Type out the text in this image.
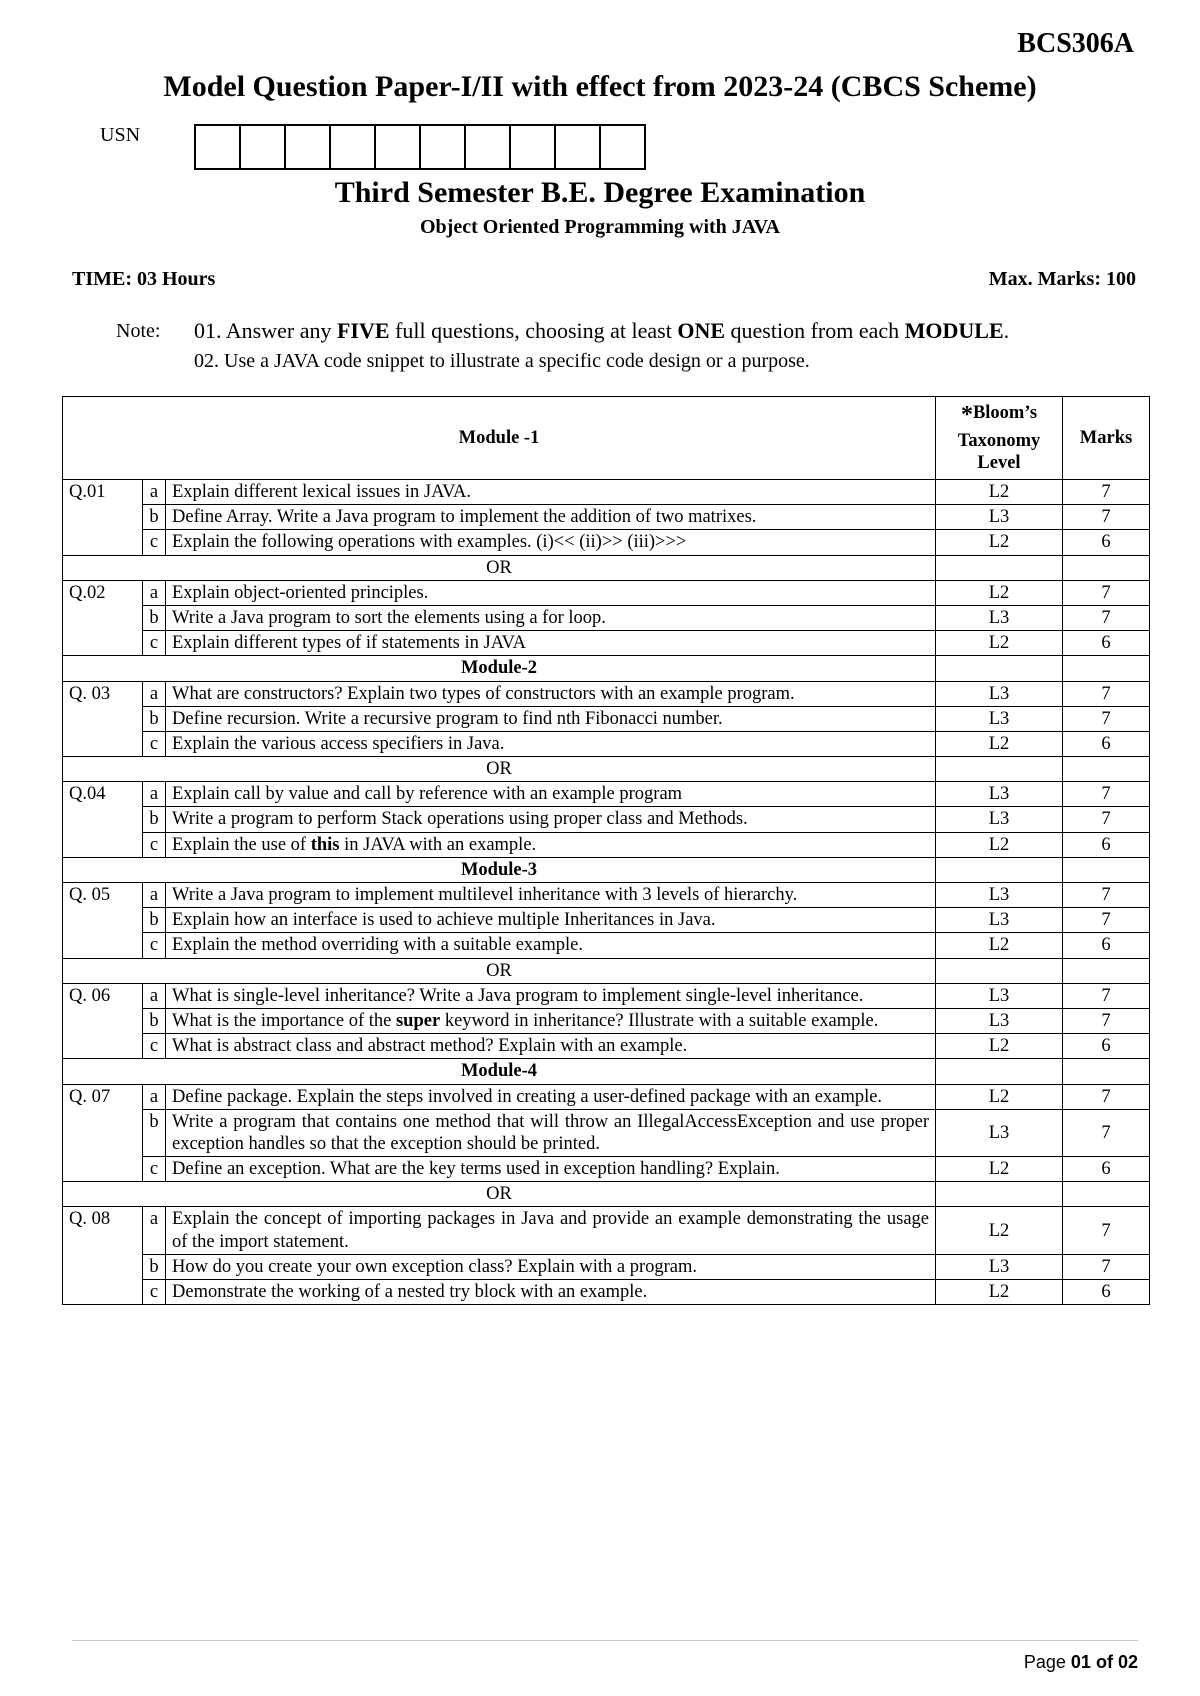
BCS306A
Model Question Paper-I/II with effect from 2023-24 (CBCS Scheme)
USN
Third Semester B.E. Degree Examination
Object Oriented Programming with JAVA
TIME: 03 Hours	Max. Marks: 100
Note: 01. Answer any FIVE full questions, choosing at least ONE question from each MODULE.
02. Use a JAVA code snippet to illustrate a specific code design or a purpose.
Module -1			*Bloom’s
Taxonomy
Level	Marks
Q.01	a	Explain different lexical issues in JAVA.	L2	7
	b	Define Array. Write a Java program to implement the addition of two matrixes.	L3	7
	c	Explain the following operations with examples. (i)<< (ii)>> (iii)>>>	L2	6
OR				
Q.02	a	Explain object-oriented principles.	L2	7
	b	Write a Java program to sort the elements using a for loop.	L3	7
	c	Explain different types of if statements in JAVA	L2	6
Module-2				
Q. 03	a	What are constructors? Explain two types of constructors with an example program.	L3	7
	b	Define recursion. Write a recursive program to find nth Fibonacci number.	L3	7
	c	Explain the various access specifiers in Java.	L2	6
OR				
Q.04	a	Explain call by value and call by reference with an example program	L3	7
	b	Write a program to perform Stack operations using proper class and Methods.	L3	7
	c	Explain the use of this in JAVA with an example.	L2	6
Module-3				
Q. 05	a	Write a Java program to implement multilevel inheritance with 3 levels of hierarchy.	L3	7
	b	Explain how an interface is used to achieve multiple Inheritances in Java.	L3	7
	c	Explain the method overriding with a suitable example.	L2	6
OR				
Q. 06	a	What is single-level inheritance? Write a Java program to implement single-level inheritance.	L3	7
	b	What is the importance of the super keyword in inheritance? Illustrate with a suitable example.	L3	7
	c	What is abstract class and abstract method? Explain with an example.	L2	6
Module-4				
Q. 07	a	Define package. Explain the steps involved in creating a user-defined package with an example.	L2	7
	b	Write a program that contains one method that will throw an IllegalAccessException and use proper exception handles so that the exception should be printed.	L3	7
	c	Define an exception. What are the key terms used in exception handling? Explain.	L2	6
OR				
Q. 08	a	Explain the concept of importing packages in Java and provide an example demonstrating the usage of the import statement.	L2	7
	b	How do you create your own exception class? Explain with a program.	L3	7
	c	Demonstrate the working of a nested try block with an example.	L2	6
Page 01 of 02
